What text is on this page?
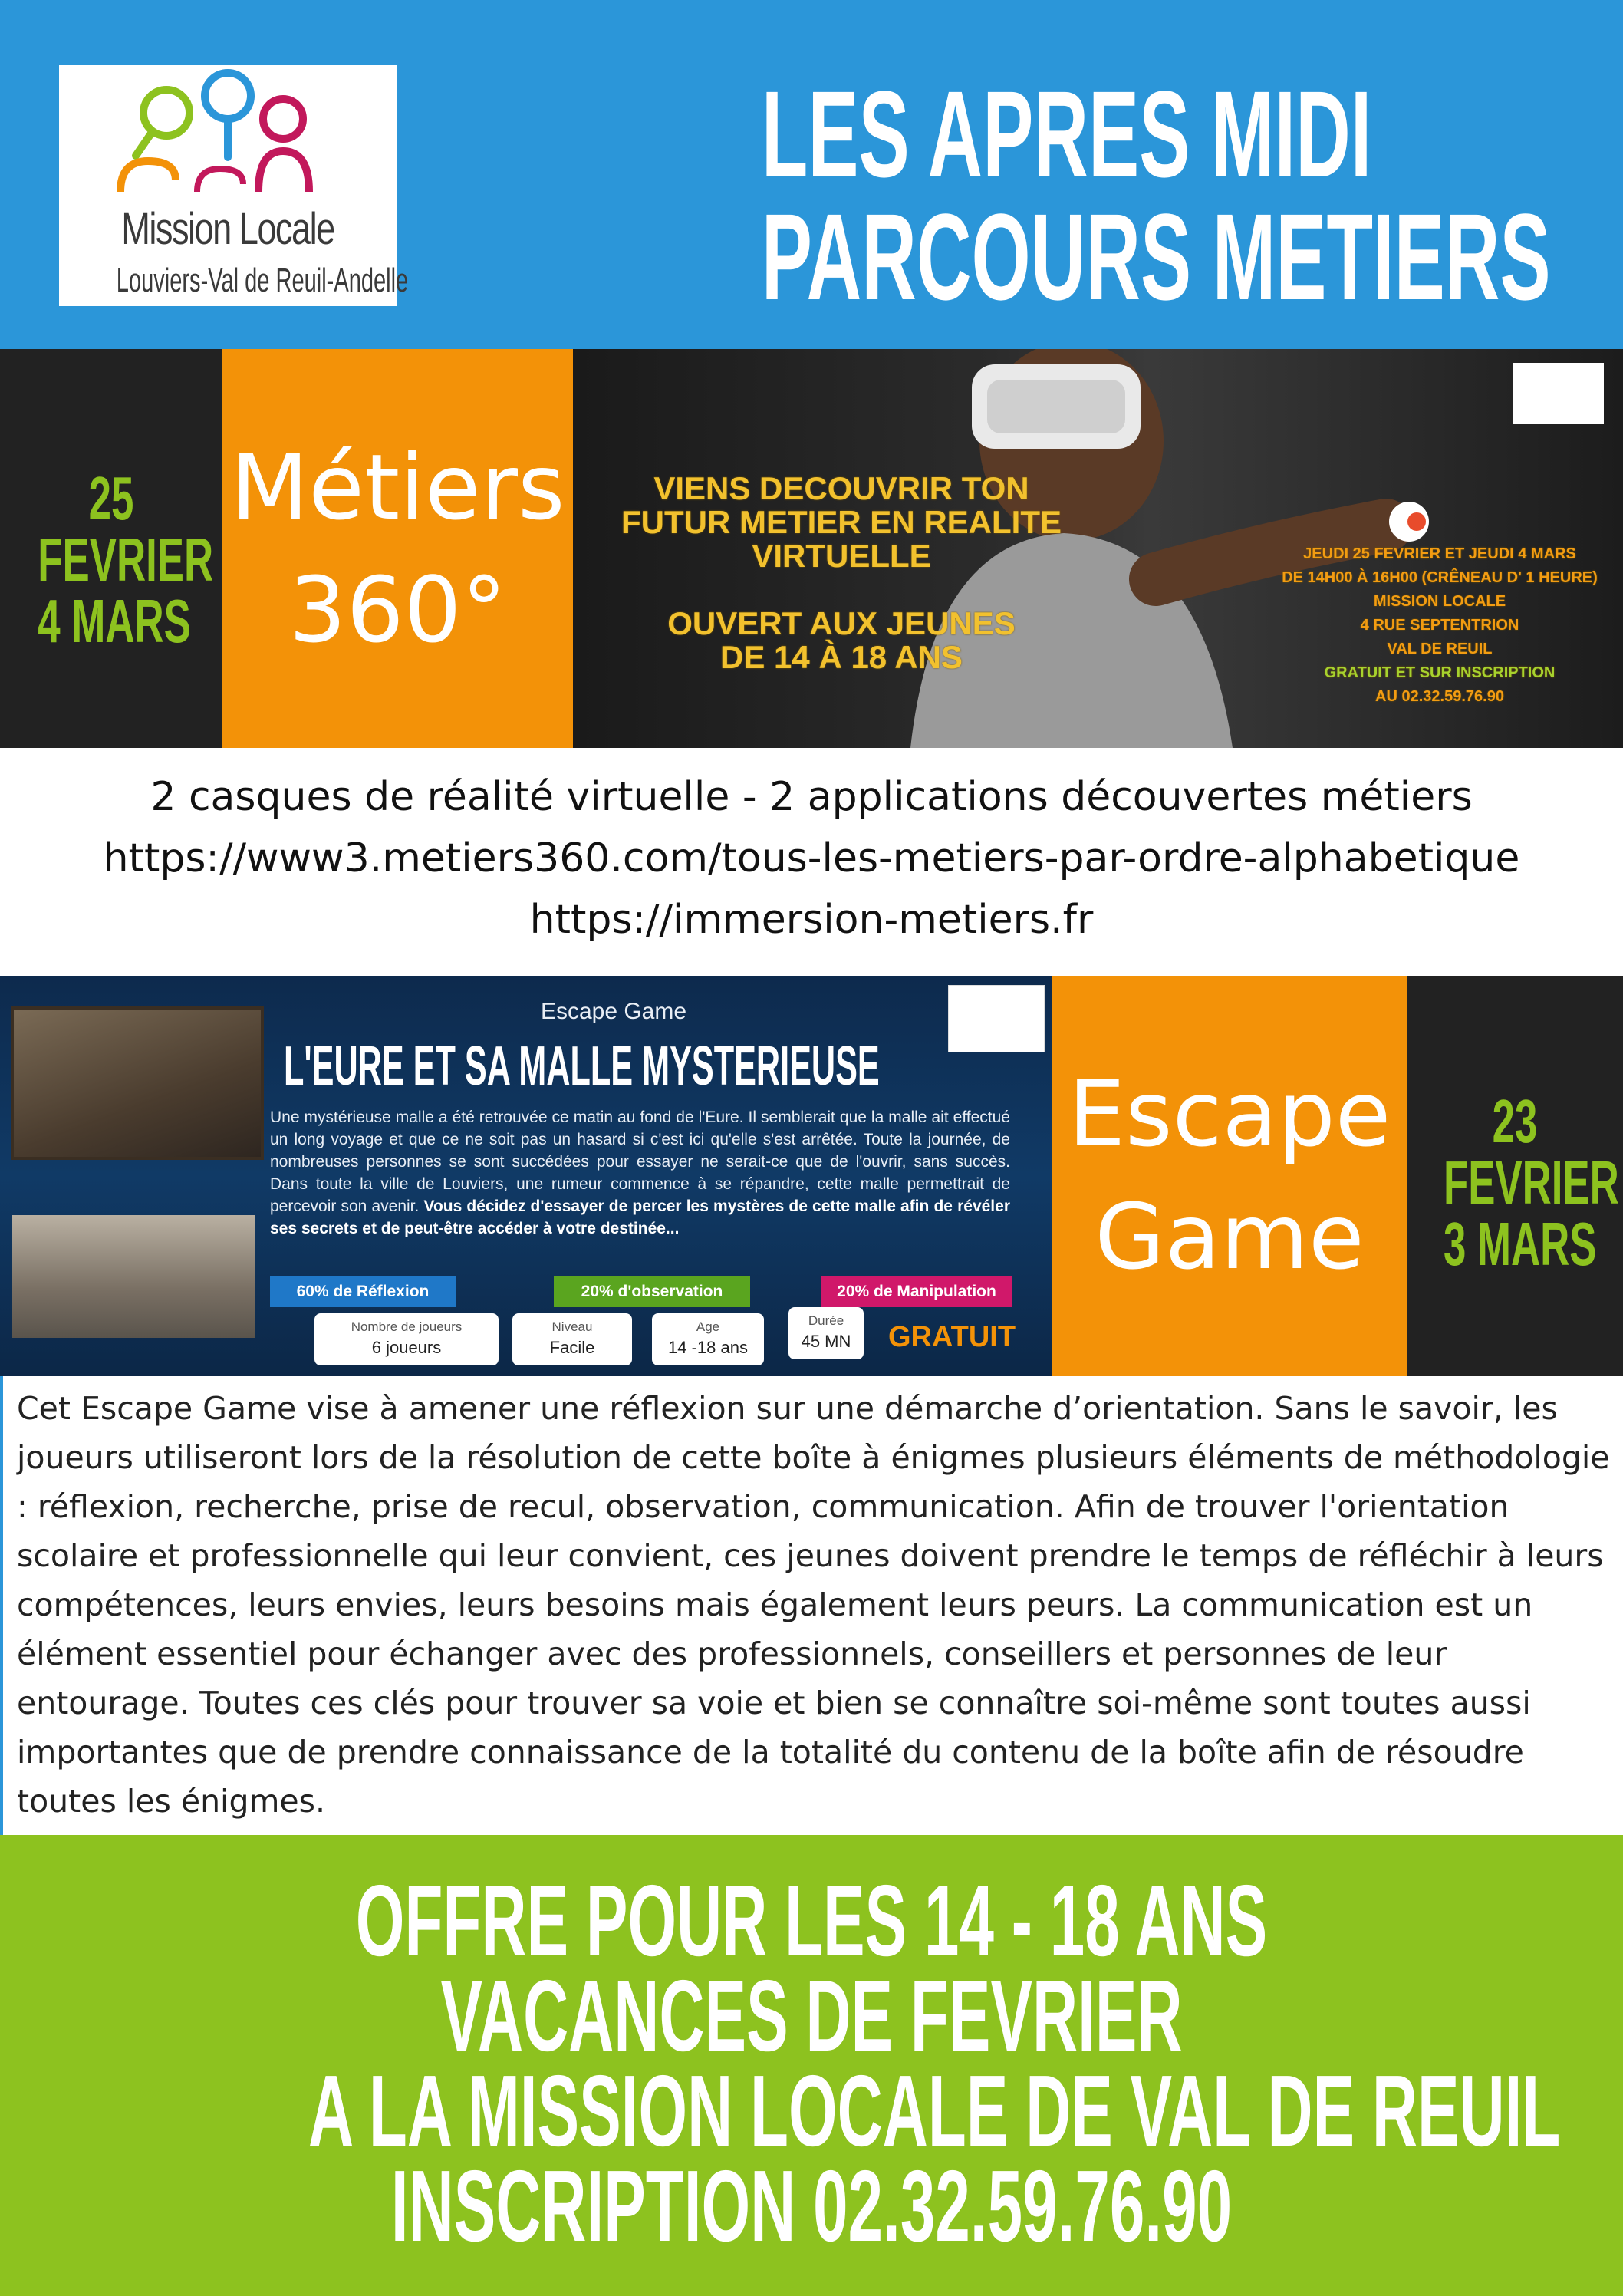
Mission Locale
Louviers-Val de Reuil-Andelle
LES APRES MIDI
PARCOURS METIERS
25
FEVRIER
4 MARS
Métiers
360°
VIENS DECOUVRIR TON
FUTUR METIER EN REALITE
VIRTUELLE
OUVERT AUX JEUNES
DE 14 À 18 ANS
JEUDI 25 FEVRIER ET JEUDI 4 MARS
DE 14H00 À 16H00 (CRÊNEAU D' 1 HEURE)
MISSION LOCALE
4 RUE SEPTENTRION
VAL DE REUIL
GRATUIT ET SUR INSCRIPTION
AU 02.32.59.76.90

2 casques de réalité virtuelle - 2 applications découvertes métiers

https://www3.metiers360.com/tous-les-metiers-par-ordre-alphabetique

https://immersion-metiers.fr

Escape Game
L'EURE ET SA MALLE MYSTERIEUSE
Une mystérieuse malle a été retrouvée ce matin au fond de l'Eure. Il semblerait que la malle ait effectué un long voyage et que ce ne soit pas un hasard si c'est ici qu'elle s'est arrêtée. Toute la journée, de nombreuses personnes se sont succédées pour essayer ne serait-ce que de l'ouvrir, sans succès. Dans toute la ville de Louviers, une rumeur commence à se répandre, cette malle permettrait de percevoir son avenir. Vous décidez d'essayer de percer les mystères de cette malle afin de révéler ses secrets et de peut-être accéder à votre destinée...
60% de Réflexion	20% d'observation	20% de Manipulation
Nombre de joueurs
6 joueurs
Niveau
Facile
Age
14 -18 ans
Durée
45 MN	GRATUIT
Escape
Game
23
FEVRIER
3 MARS

Cet Escape Game vise à amener une réflexion sur une démarche d’orientation. Sans le savoir, les joueurs utiliseront lors de la résolution de cette boîte à énigmes plusieurs éléments de méthodologie : réflexion, recherche, prise de recul, observation, communication. Afin de trouver l'orientation scolaire et professionnelle qui leur convient, ces jeunes doivent prendre le temps de réfléchir à leurs compétences, leurs envies, leurs besoins mais également leurs peurs. La communication est un élément essentiel pour échanger avec des professionnels, conseillers et personnes de leur entourage. Toutes ces clés pour trouver sa voie et bien se connaître soi-même sont toutes aussi importantes que de prendre connaissance de la totalité du contenu de la boîte afin de résoudre toutes les énigmes.

OFFRE POUR LES 14 - 18 ANS
VACANCES DE FEVRIER
A LA MISSION LOCALE DE VAL DE REUIL
INSCRIPTION 02.32.59.76.90
